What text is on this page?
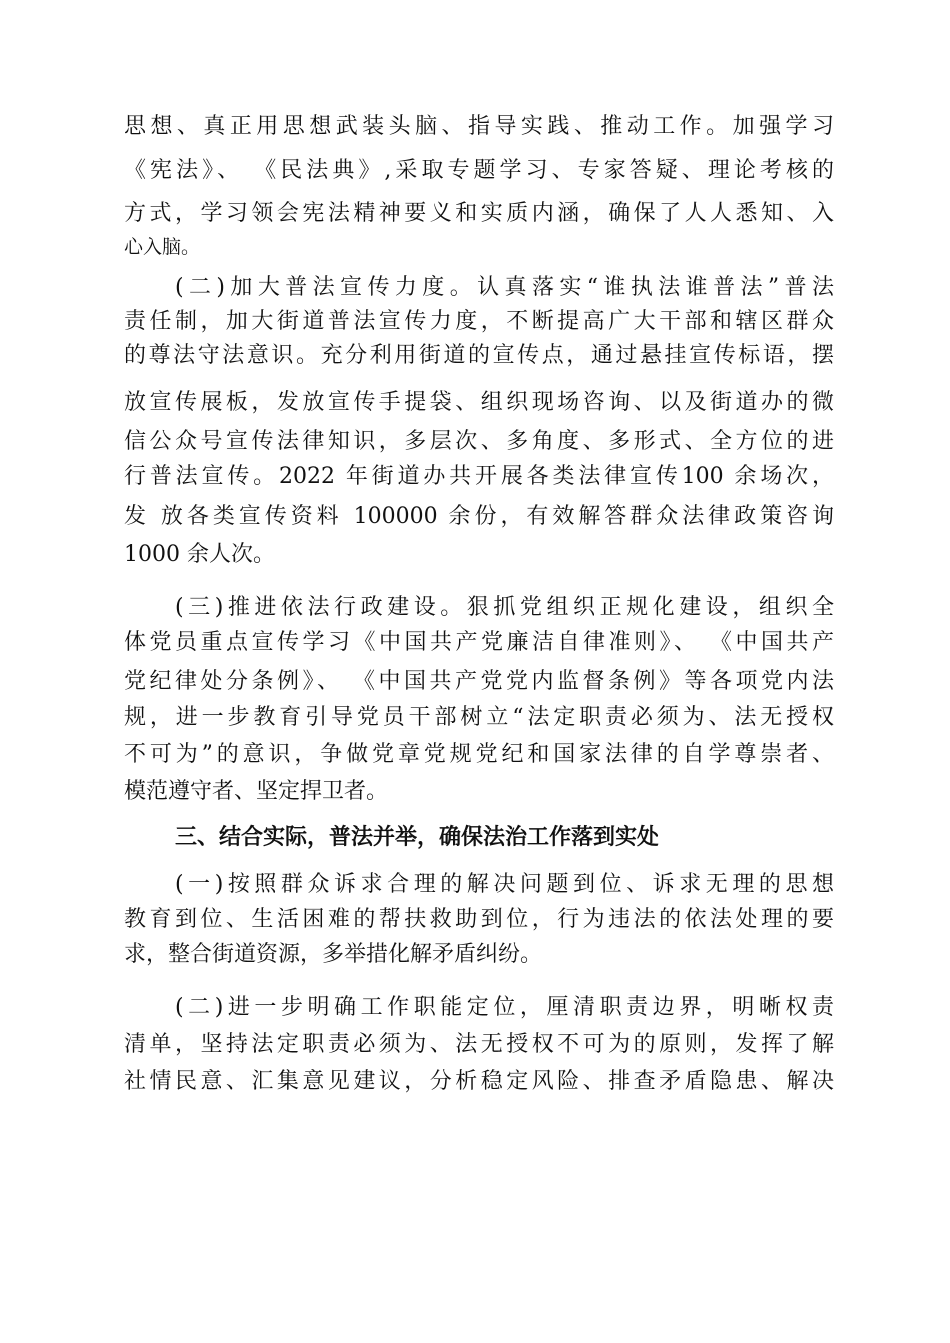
思想、真正用思想武装头脑、指导实践、推动工作。加强学习
《宪法》、 《民法典》,采取专题学习、专家答疑、理论考核的
方式，学习领会宪法精神要义和实质内涵，确保了人人悉知、入
心入脑。
(二)加大普法宣传力度。认真落实“谁执法谁普法”普法
责任制，加大街道普法宣传力度，不断提高广大干部和辖区群众
的尊法守法意识。充分利用街道的宣传点，通过悬挂宣传标语，摆
放宣传展板，发放宣传手提袋、组织现场咨询、以及街道办的微
信公众号宣传法律知识，多层次、多角度、多形式、全方位的进
行普法宣传。2022 年街道办共开展各类法律宣传100 余场次，
发 放各类宣传资料 100000 余份，有效解答群众法律政策咨询
1000 余人次。
(三)推进依法行政建设。狠抓党组织正规化建设，组织全
体党员重点宣传学习《中国共产党廉洁自律准则》、 《中国共产
党纪律处分条例》、 《中国共产党党内监督条例》等各项党内法
规，进一步教育引导党员干部树立“法定职责必须为、法无授权
不可为”的意识，争做党章党规党纪和国家法律的自学尊崇者、
模范遵守者、坚定捍卫者。
三、结合实际，普法并举，确保法治工作落到实处
(一)按照群众诉求合理的解决问题到位、诉求无理的思想
教育到位、生活困难的帮扶救助到位，行为违法的依法处理的要
求，整合街道资源，多举措化解矛盾纠纷。
(二)进一步明确工作职能定位，厘清职责边界，明晰权责
清单，坚持法定职责必须为、法无授权不可为的原则，发挥了解
社情民意、汇集意见建议，分析稳定风险、排查矛盾隐患、解决
